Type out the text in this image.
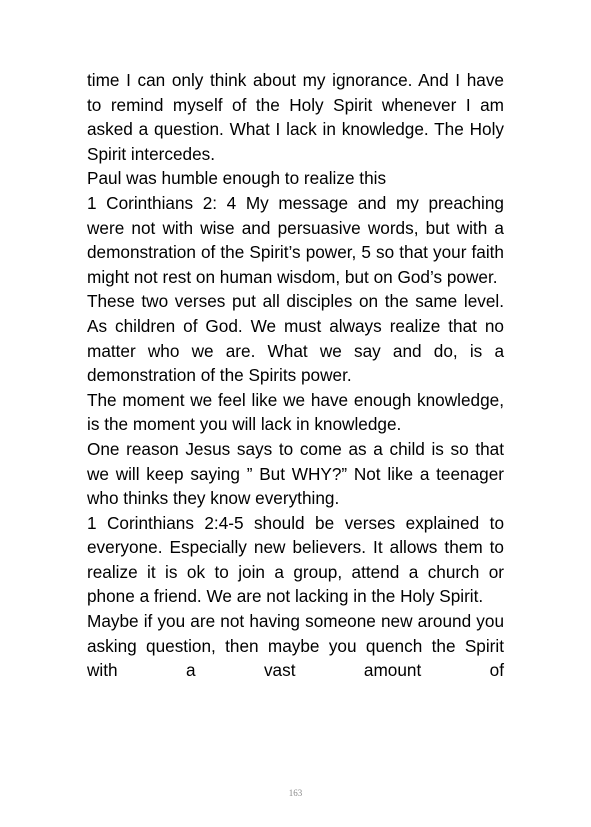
time I can only think about my ignorance. And I have to remind myself of the Holy Spirit whenever I am asked a question. What I lack in knowledge. The Holy Spirit intercedes.

Paul was humble enough to realize this

1 Corinthians 2: 4 My message and my preaching were not with wise and persuasive words, but with a demonstration of the Spirit’s power, 5 so that your faith might not rest on human wisdom, but on God’s power.

These two verses put all disciples on the same level. As children of God. We must always realize that no matter who we are. What we say and do, is a demonstration of the Spirits power.

The moment we feel like we have enough knowledge, is the moment you will lack in knowledge.

One reason Jesus says to come as a child is so that we will keep saying ” But WHY?” Not like a teenager who thinks they know everything.

1 Corinthians 2:4-5 should be verses explained to everyone. Especially new believers. It allows them to realize it is ok to join a group, attend a church or phone a friend. We are not lacking in the Holy Spirit.

Maybe if you are not having someone new around you asking question, then maybe you quench the Spirit with a vast amount of

163
